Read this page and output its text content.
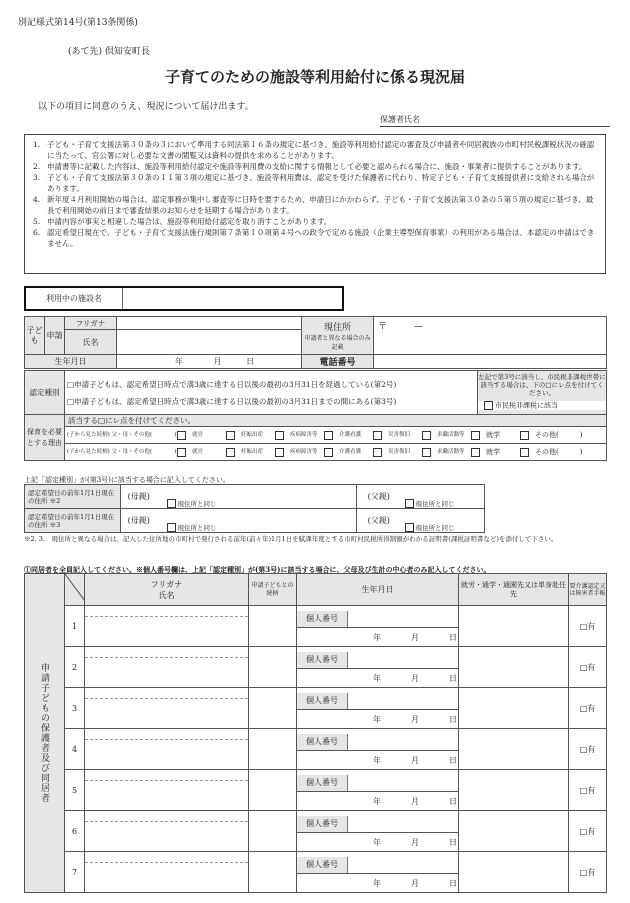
別記様式第14号(第13条関係)
(あて先) 倶知安町長
子育てのための施設等利用給付に係る現況届
以下の項目に同意のうえ、現況について届け出ます。
保護者氏名
1. 子ども・子育て支援法第３０条の３において準用する同法第１６条の規定に基づき、施設等利用給付認定の審査及び申請者や同居親族の市町村民税課税状況の確認に当たって、官公署に対し必要な文書の閲覧又は資料の提供を求めることがあります。
2. 申請書等に記載した内容は、施設等利用給付認定や施設等利用費の支給に関する情報として必要と認められる場合に、施設・事業者に提供することがあります。
3. 子ども・子育て支援法第３０条の１１第３項の規定に基づき、施設等利用費は、認定を受けた保護者に代わり、特定子ども・子育て支援提供者に支給される場合があります。
4. 新年度４月利用開始の場合は、認定事務が集中し審査等に日時を要するため、申請日にかかわらず、子ども・子育て支援法第３０条の５第５項の規定に基づき、最長で利用開始の前日まで審査結果のお知らせを延期する場合があります。
5. 申請内容が事実と相違した場合は、施設等利用給付認定を取り消すことがあります。
6. 認定希望日現在で、子ども・子育て支援法施行規則第７条第１０項第４号への政令で定める施設（企業主導型保育事業）の利用がある場合は、本認定の申請はできません。
利用中の施設名
子ども	申請	フリガナ		現住所
申請者と異なる場合のみ記載	〒　　　—
		氏名			
生年月日			年 月 日	電話番号	
認定種別	
□申請子どもは、認定希望日時点で満3歳に達する日以後の最初の3月31日を経過している(第2号)
□申請子どもは、認定希望日時点で満3歳に達する日以後の最初の3月31日までの間にある(第3号)

左記で第3号に該当し、市民税非課税世帯に該当する場合は、下の□にレ点を付けてください。
市民税非課税に該当
保育を必要とする理由	該当する□にレ点を付けてください。

(子から見た続柄) 父・母・その他(　　　　)	就労	妊娠出産	疾病障害等	介護看護	災害復旧	求職活動等	就学	その他(　　　)

(子から見た続柄) 父・母・その他(　　　　)	就労	妊娠出産	疾病障害等	介護看護	災害復旧	求職活動等	就学	その他(　　　)
上記「認定種別」が(第3号)に該当する場合に記入してください。
認定希望日の前年1月1日現在の住所 ※2	(母親)	現住所と同じ	(父親)	現住所と同じ
認定希望日の前年1月1日現在の住所 ※3	(母親)	現住所と同じ	(父親)	現住所と同じ
※2. 3.　現住所と異なる場合は、記入した住所地の市町村で発行される前年(前々年)1月1日を賦課年度とする市町村民税所得割額がわかる証明書(課税証明書など)を添付して下さい。
①同居者を全員記入してください。※個人番号欄は、上記「認定種別」が(第3号)に該当する場合に、父母及び生計の中心者のみ記入してください。
申請子どもの保護者及び同居者		フリガナ
氏名	申請子どもとの続柄	生年月日	就労・通学・通園先又は単身赴任先	要介護認定又は障害者手帳
	1			個人番号		□有
				年 月 日		
	2			個人番号		□有
				年 月 日		
	3			個人番号		□有
				年 月 日		
	4			個人番号		□有
				年 月 日		
	5			個人番号		□有
				年 月 日		
	6			個人番号		□有
				年 月 日		
	7			個人番号		□有
				年 月 日		
